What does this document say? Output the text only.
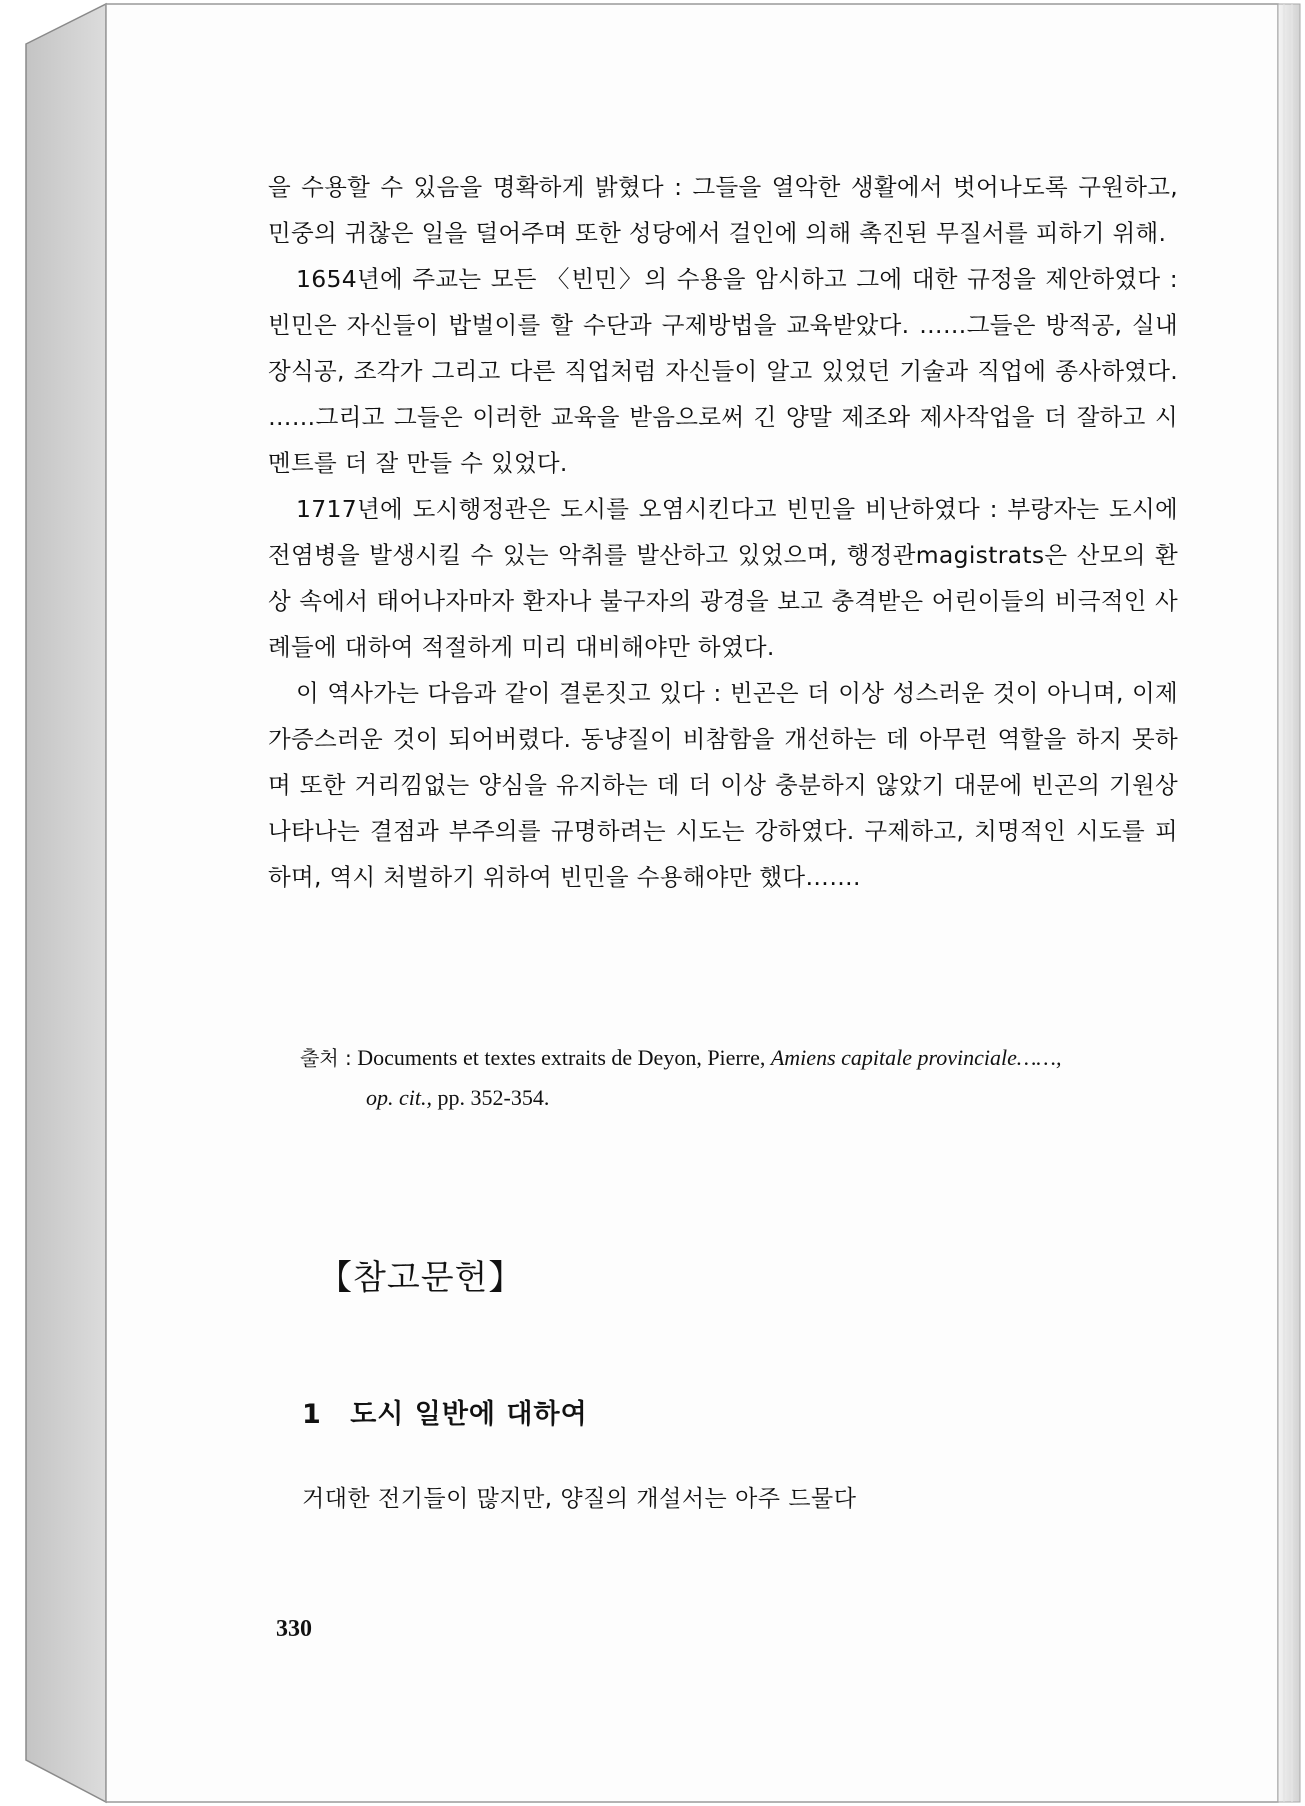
을 수용할 수 있음을 명확하게 밝혔다 : 그들을 열악한 생활에서 벗어나도록 구원하고, 민중의 귀찮은 일을 덜어주며 또한 성당에서 걸인에 의해 촉진된 무질서를 피하기 위해.

1654년에 주교는 모든 〈빈민〉의 수용을 암시하고 그에 대한 규정을 제안하였다 : 빈민은 자신들이 밥벌이를 할 수단과 구제방법을 교육받았다. ……그들은 방적공, 실내 장식공, 조각가 그리고 다른 직업처럼 자신들이 알고 있었던 기술과 직업에 종사하였다. ……그리고 그들은 이러한 교육을 받음으로써 긴 양말 제조와 제사작업을 더 잘하고 시멘트를 더 잘 만들 수 있었다.

1717년에 도시행정관은 도시를 오염시킨다고 빈민을 비난하였다 : 부랑자는 도시에 전염병을 발생시킬 수 있는 악취를 발산하고 있었으며, 행정관magistrats은 산모의 환상 속에서 태어나자마자 환자나 불구자의 광경을 보고 충격받은 어린이들의 비극적인 사례들에 대하여 적절하게 미리 대비해야만 하였다.

이 역사가는 다음과 같이 결론짓고 있다 : 빈곤은 더 이상 성스러운 것이 아니며, 이제 가증스러운 것이 되어버렸다. 동냥질이 비참함을 개선하는 데 아무런 역할을 하지 못하며 또한 거리낌없는 양심을 유지하는 데 더 이상 충분하지 않았기 대문에 빈곤의 기원상 나타나는 결점과 부주의를 규명하려는 시도는 강하였다. 구제하고, 치명적인 시도를 피하며, 역시 처벌하기 위하여 빈민을 수용해야만 했다…….

출처 : Documents et textes extraits de Deyon, Pierre, Amiens capitale provinciale……,
op. cit., pp. 352-354.
【참고문헌】
1 도시 일반에 대하여
거대한 전기들이 많지만, 양질의 개설서는 아주 드물다
330
